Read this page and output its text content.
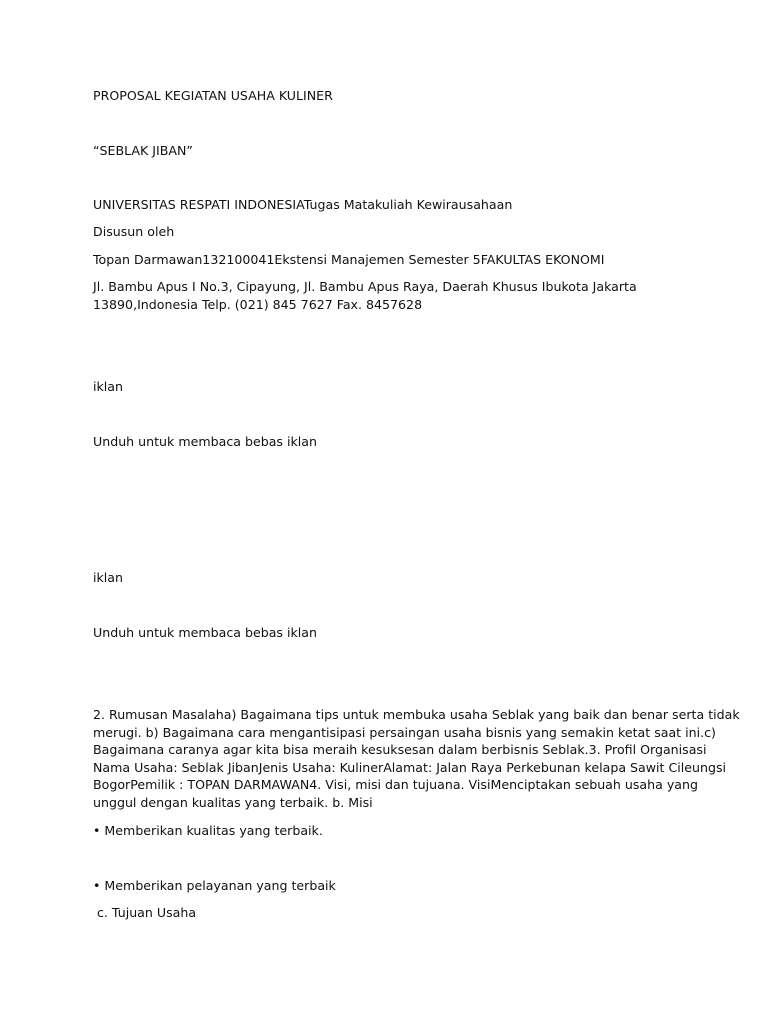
PROPOSAL KEGIATAN USAHA KULINER

“SEBLAK JIBAN”

UNIVERSITAS RESPATI INDONESIATugas Matakuliah Kewirausahaan

Disusun oleh

Topan Darmawan132100041Ekstensi Manajemen Semester 5FAKULTAS EKONOMI

Jl. Bambu Apus I No.3, Cipayung, Jl. Bambu Apus Raya, Daerah Khusus Ibukota Jakarta
13890,Indonesia Telp. (021) 845 7627 Fax. 8457628

iklan

Unduh untuk membaca bebas iklan

iklan

Unduh untuk membaca bebas iklan

2. Rumusan Masalaha) Bagaimana tips untuk membuka usaha Seblak yang baik dan benar serta tidak
merugi. b) Bagaimana cara mengantisipasi persaingan usaha bisnis yang semakin ketat saat ini.c)
Bagaimana caranya agar kita bisa meraih kesuksesan dalam berbisnis Seblak.3. Profil Organisasi
Nama Usaha: Seblak JibanJenis Usaha: KulinerAlamat: Jalan Raya Perkebunan kelapa Sawit Cileungsi
BogorPemilik : TOPAN DARMAWAN4. Visi, misi dan tujuana. VisiMenciptakan sebuah usaha yang
unggul dengan kualitas yang terbaik. b. Misi

• Memberikan kualitas yang terbaik.

• Memberikan pelayanan yang terbaik

c. Tujuan Usaha
